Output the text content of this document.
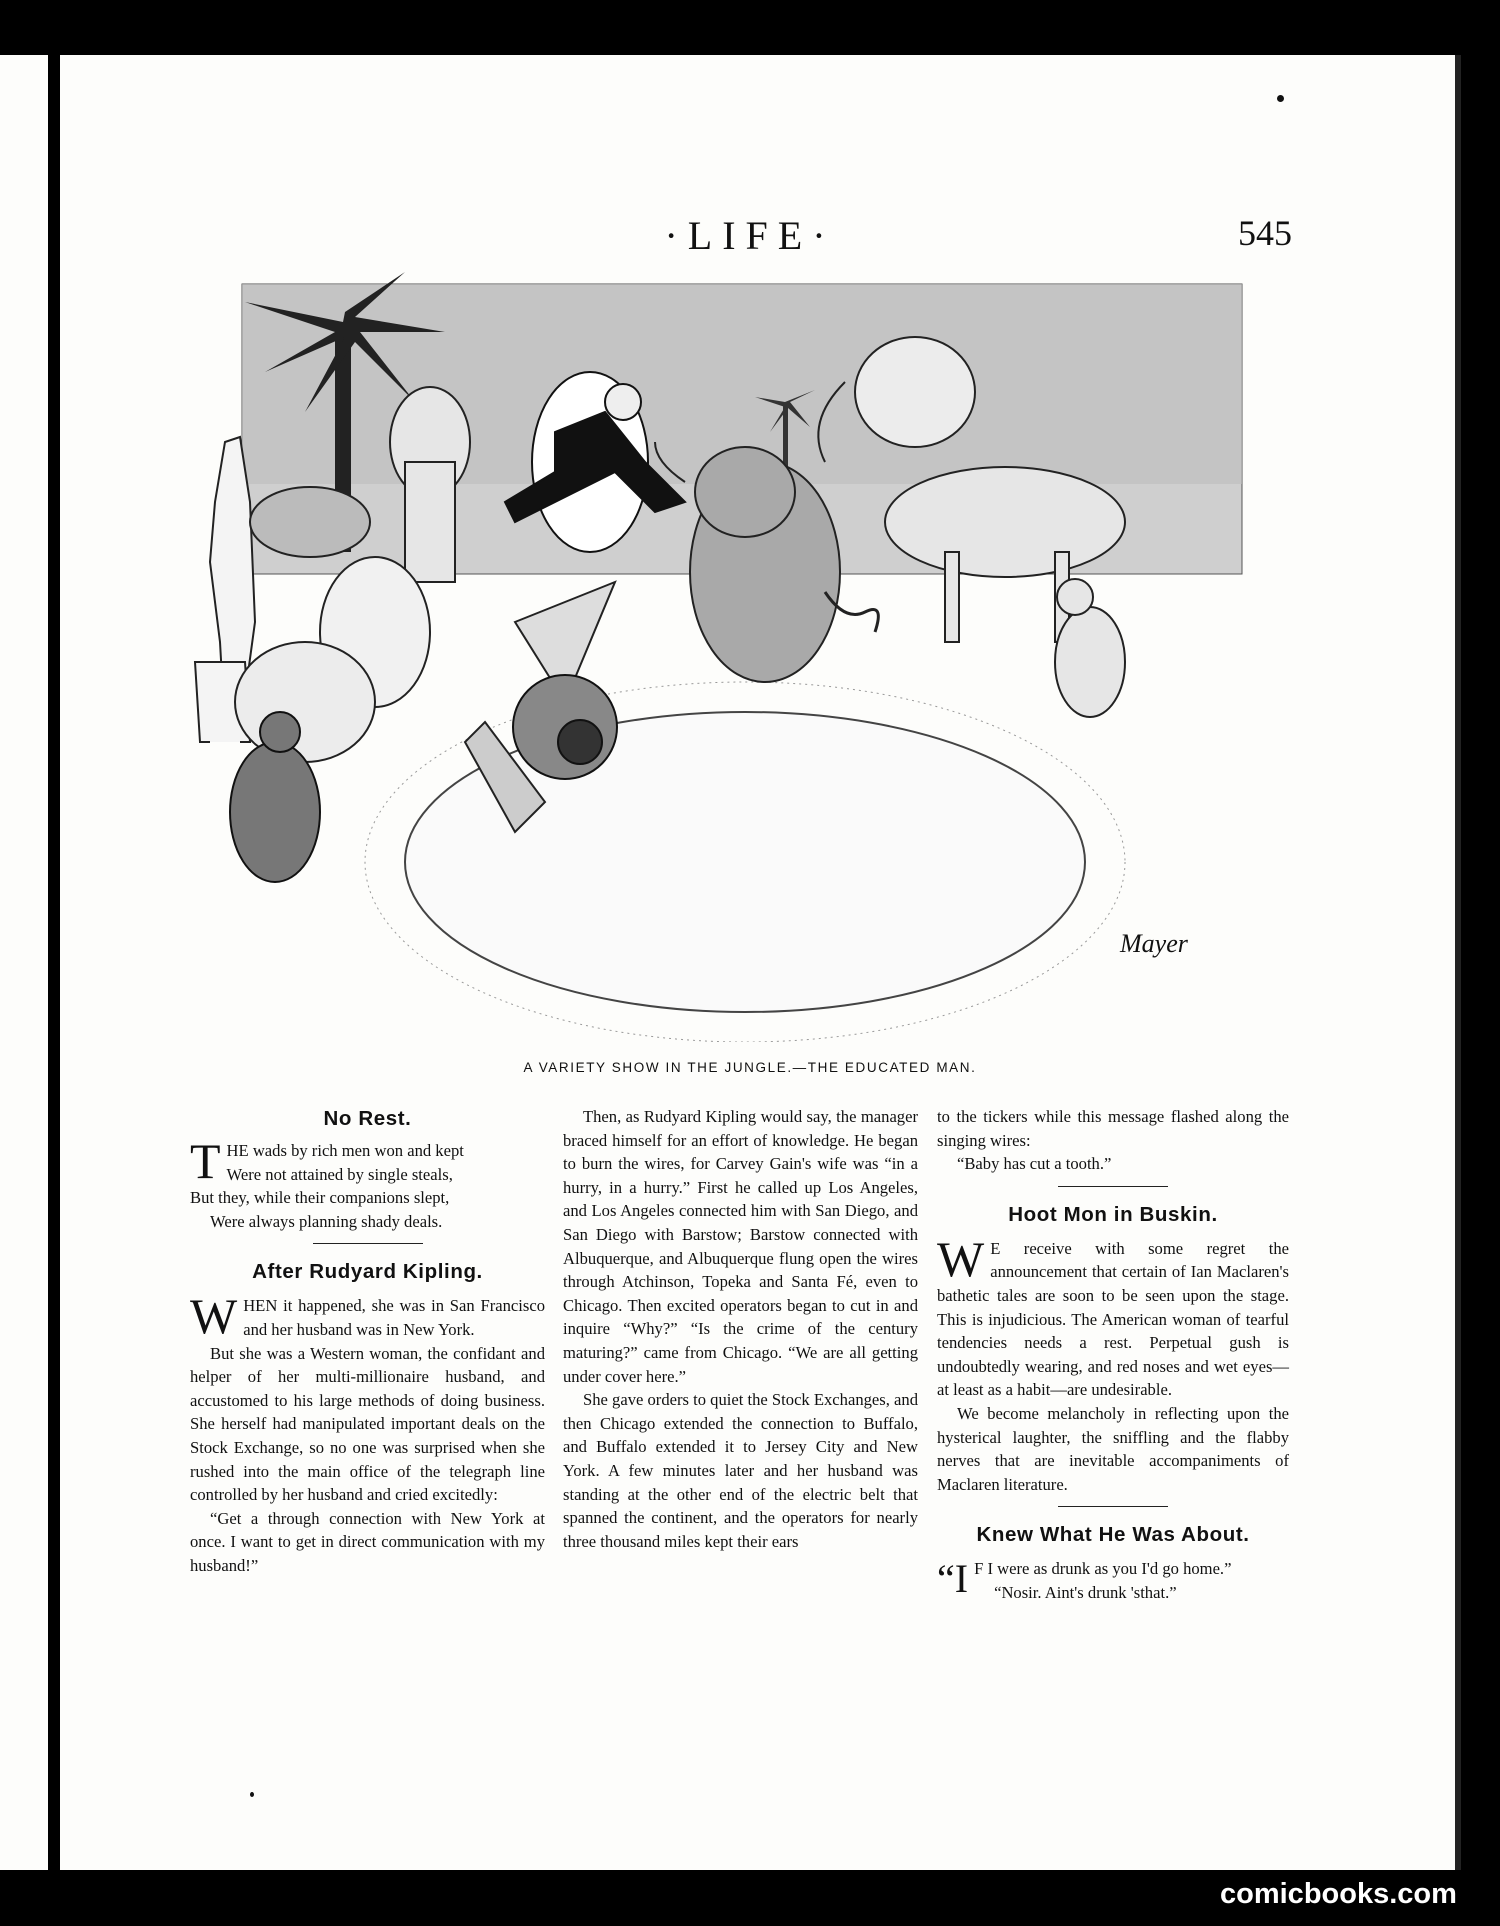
·LIFE·	545
Mayer
A VARIETY SHOW IN THE JUNGLE.—THE EDUCATED MAN.
No Rest.
T HE wads by rich men won and kept
Were not attained by single steals,
But they, while their companions slept,
Were always planning shady deals.
After Rudyard Kipling.

WHEN it happened, she was in San Francisco and her husband was in New York.

But she was a Western woman, the confidant and helper of her multi-millionaire husband, and accustomed to his large methods of doing business. She herself had manipulated important deals on the Stock Exchange, so no one was surprised when she rushed into the main office of the telegraph line controlled by her husband and cried excitedly:

“Get a through connection with New York at once. I want to get in direct communication with my husband!”

Then, as Rudyard Kipling would say, the manager braced himself for an effort of knowledge. He began to burn the wires, for Carvey Gain's wife was “in a hurry, in a hurry.” First he called up Los Angeles, and Los Angeles connected him with San Diego, and San Diego with Barstow; Barstow connected with Albuquerque, and Albuquerque flung open the wires through Atchinson, Topeka and Santa Fé, even to Chicago. Then excited operators began to cut in and inquire “Why?” “Is the crime of the century maturing?” came from Chicago. “We are all getting under cover here.”

She gave orders to quiet the Stock Exchanges, and then Chicago extended the connection to Buffalo, and Buffalo extended it to Jersey City and New York. A few minutes later and her husband was standing at the other end of the electric belt that spanned the continent, and the operators for nearly three thousand miles kept their ears

to the tickers while this message flashed along the singing wires:

“Baby has cut a tooth.”

Hoot Mon in Buskin.

W E receive with some regret the announcement that certain of Ian Maclaren's bathetic tales are soon to be seen upon the stage. This is injudicious. The American woman of tearful tendencies needs a rest. Perpetual gush is undoubtedly wearing, and red noses and wet eyes—at least as a habit—are undesirable.

We become melancholy in reflecting upon the hysterical laughter, the sniffling and the flabby nerves that are inevitable accompaniments of Maclaren literature.

Knew What He Was About.

“I F I were as drunk as you I'd go home.”

“Nosir. Aint's drunk 'sthat.”

comicbooks.com
